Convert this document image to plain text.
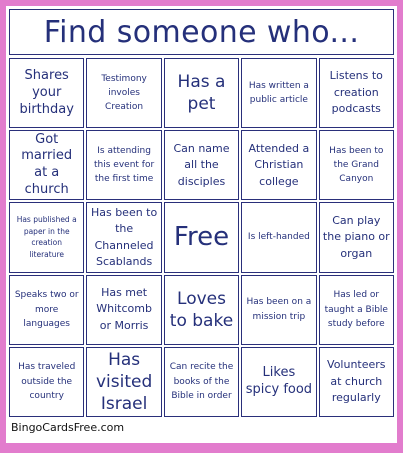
Find someone who...
Shares your birthday
Testimony involes Creation
Has a pet
Has written a public article
Listens to creation podcasts
Got married at a church
Is attending this event for the first time
Can name all the disciples
Attended a Christian college
Has been to the Grand Canyon
Has published a paper in the creation literature
Has been to the Channeled Scablands
Free	Is left-handed
Can play the piano or organ
Speaks two or more languages
Has met Whitcomb or Morris
Loves to bake
Has been on a mission trip
Has led or taught a Bible study before
Has traveled outside the country
Has visited Israel
Can recite the books of the Bible in order
Likes spicy food
Volunteers at church regularly
BingoCardsFree.com
